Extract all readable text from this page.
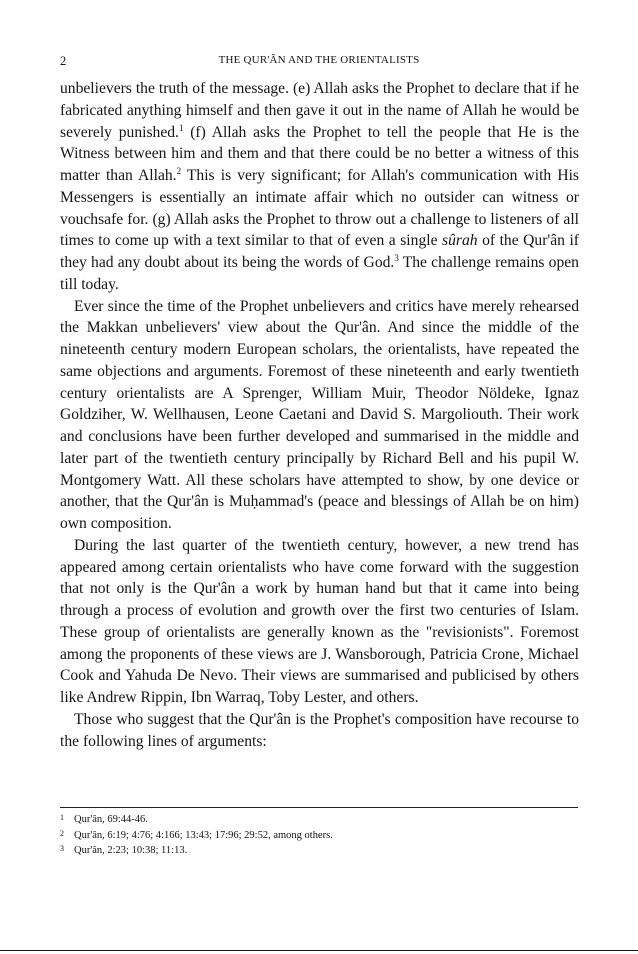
2	THE QUR'ÂN AND THE ORIENTALISTS

unbelievers the truth of the message. (e) Allah asks the Prophet to declare that if he fabricated anything himself and then gave it out in the name of Allah he would be severely punished.$^1$ (f) Allah asks the Prophet to tell the people that He is the Witness between him and them and that there could be no better a witness of this matter than Allah.$^2$ This is very significant; for Allah's communication with His Messengers is essentially an intimate affair which no outsider can witness or vouchsafe for. (g) Allah asks the Prophet to throw out a challenge to listeners of all times to come up with a text similar to that of even a single sûrah of the Qur'ân if they had any doubt about its being the words of God.$^3$ The challenge remains open till today.

Ever since the time of the Prophet unbelievers and critics have merely rehearsed the Makkan unbelievers' view about the Qur'ân. And since the middle of the nineteenth century modern European scholars, the orientalists, have repeated the same objections and arguments. Foremost of these nineteenth and early twentieth century orientalists are A Sprenger, William Muir, Theodor Nöldeke, Ignaz Goldziher, W. Wellhausen, Leone Caetani and David S. Margoliouth. Their work and conclusions have been further developed and summarised in the middle and later part of the twentieth century principally by Richard Bell and his pupil W. Montgomery Watt. All these scholars have attempted to show, by one device or another, that the Qur'ân is Muḥammad's (peace and blessings of Allah be on him) own composition.

During the last quarter of the twentieth century, however, a new trend has appeared among certain orientalists who have come forward with the suggestion that not only is the Qur'ân a work by human hand but that it came into being through a process of evolution and growth over the first two centuries of Islam. These group of orientalists are generally known as the "revisionists". Foremost among the proponents of these views are J. Wansborough, Patricia Crone, Michael Cook and Yahuda De Nevo. Their views are summarised and publicised by others like Andrew Rippin, Ibn Warraq, Toby Lester, and others.

Those who suggest that the Qur'ân is the Prophet's composition have recourse to the following lines of arguments:

1 Qur'ân, 69:44-46.

2 Qur'ân, 6:19; 4:76; 4:166; 13:43; 17:96; 29:52, among others.

3 Qur'ân, 2:23; 10:38; 11:13.
